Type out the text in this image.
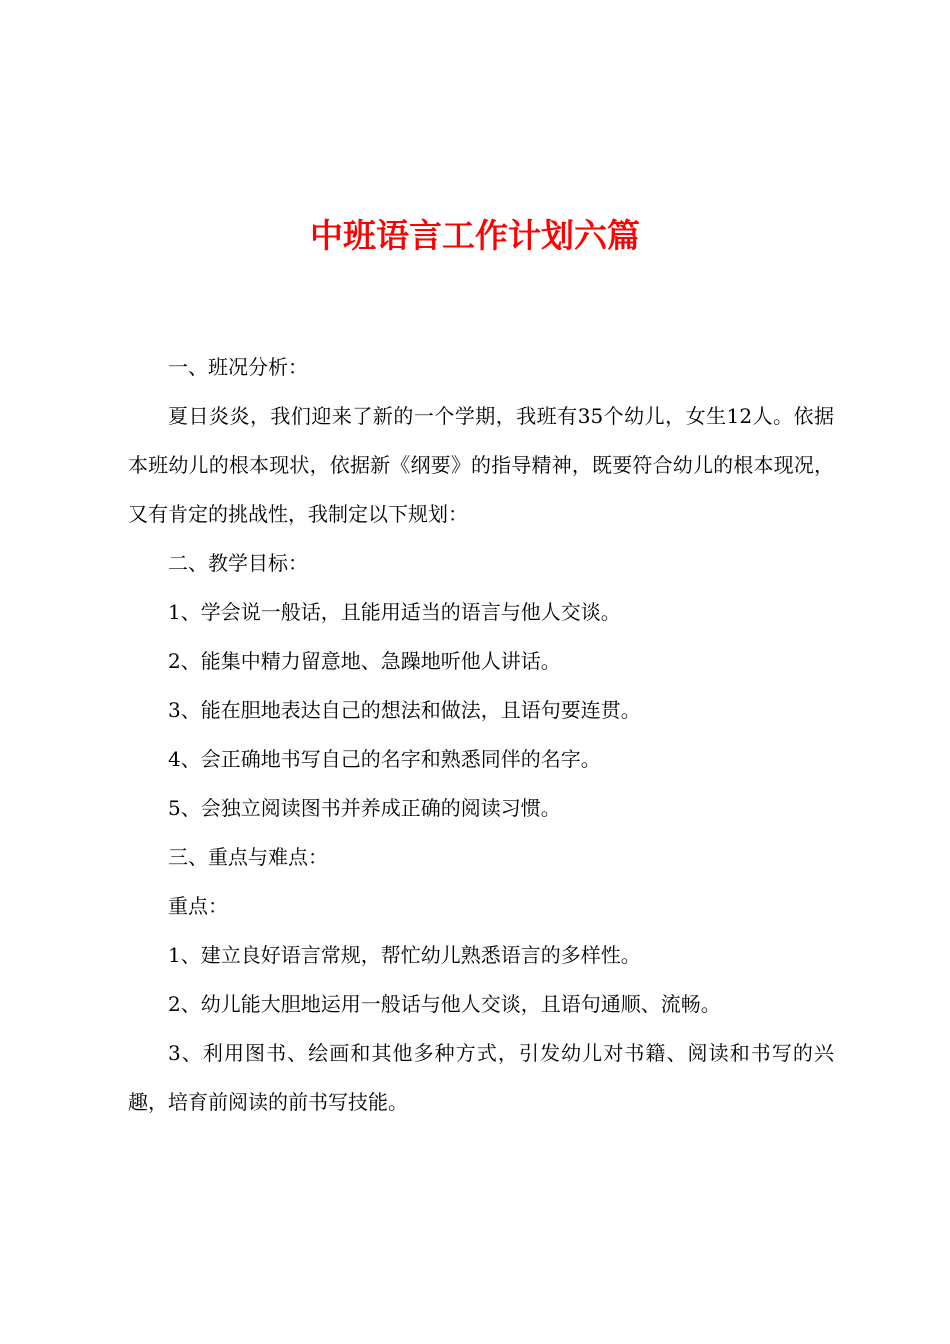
中班语言工作计划六篇

一、班况分析：

夏日炎炎，我们迎来了新的一个学期，我班有35个幼儿，女生12人。依据本班幼儿的根本现状，依据新《纲要》的指导精神，既要符合幼儿的根本现况，又有肯定的挑战性，我制定以下规划：

二、教学目标：

1、学会说一般话，且能用适当的语言与他人交谈。

2、能集中精力留意地、急躁地听他人讲话。

3、能在胆地表达自己的想法和做法，且语句要连贯。

4、会正确地书写自己的名字和熟悉同伴的名字。

5、会独立阅读图书并养成正确的阅读习惯。

三、重点与难点：

重点：

1、建立良好语言常规，帮忙幼儿熟悉语言的多样性。

2、幼儿能大胆地运用一般话与他人交谈，且语句通顺、流畅。

3、利用图书、绘画和其他多种方式，引发幼儿对书籍、阅读和书写的兴趣，培育前阅读的前书写技能。
